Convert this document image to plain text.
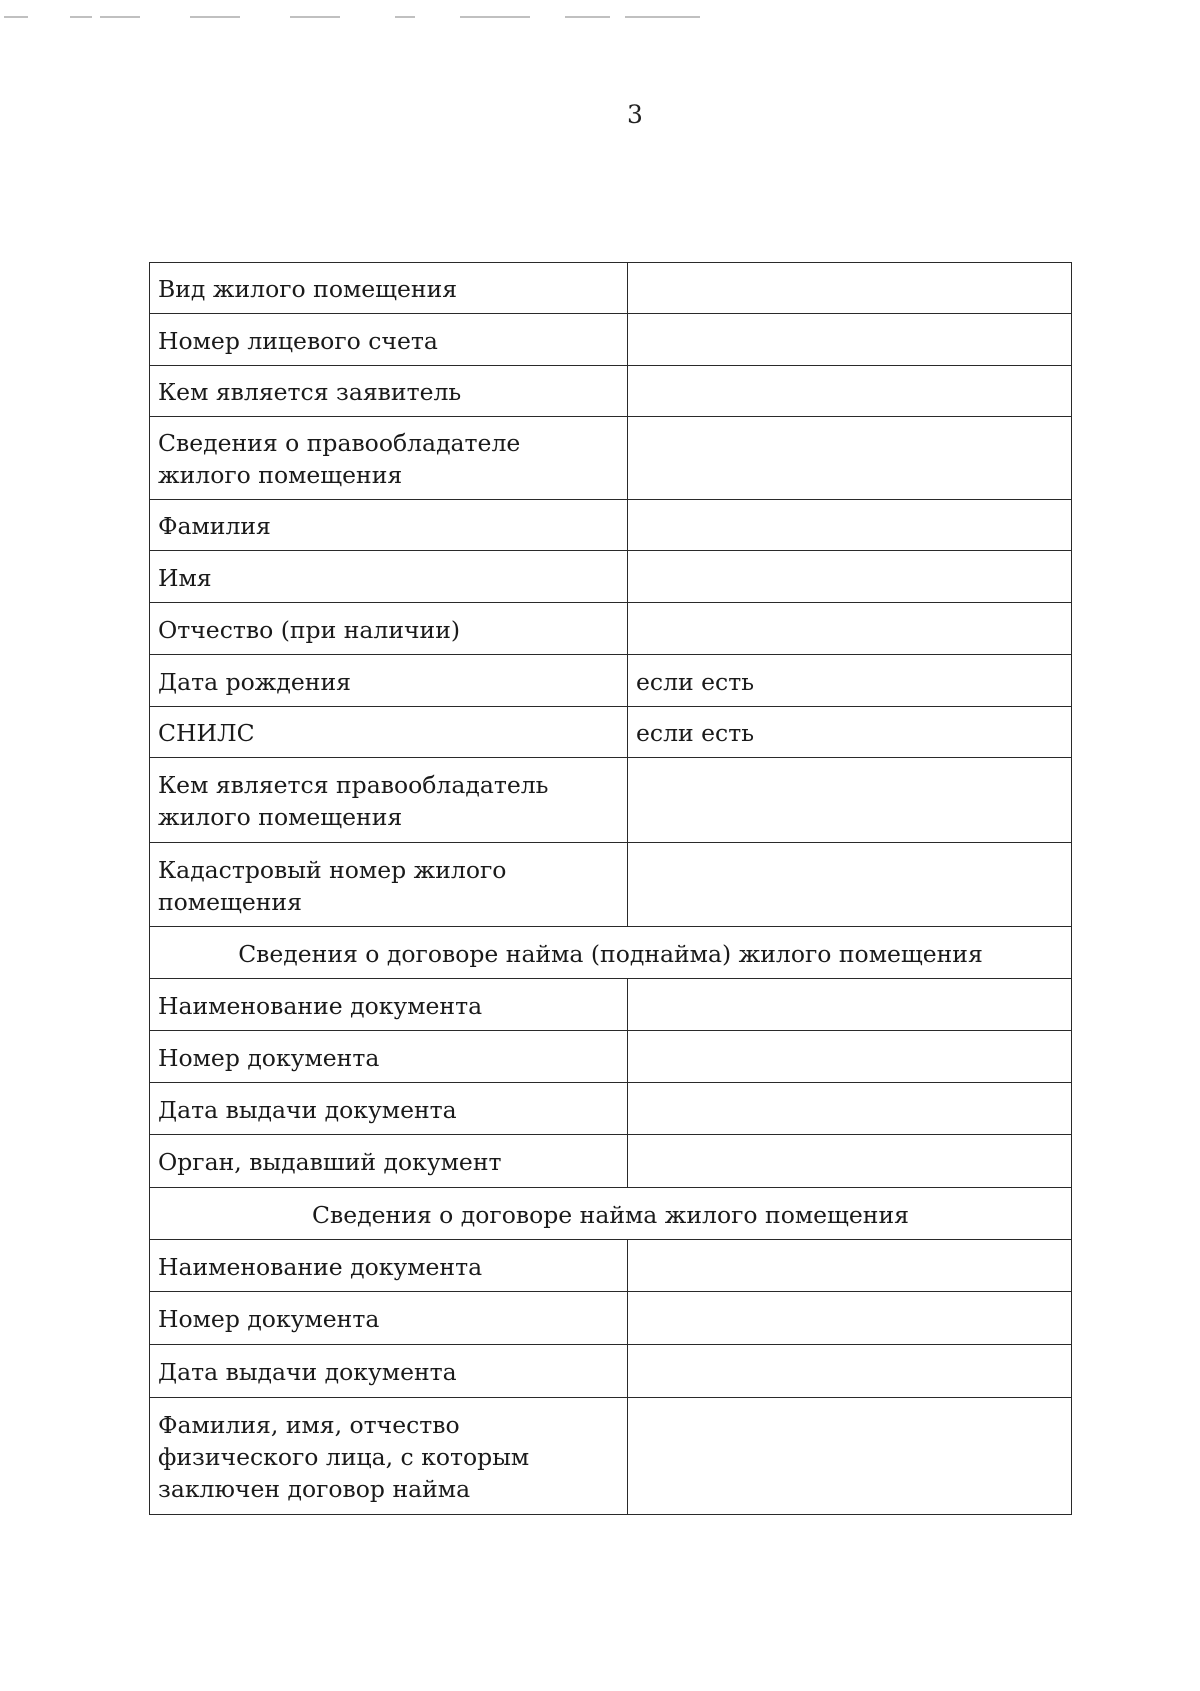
3
Вид жилого помещения	
Номер лицевого счета	
Кем является заявитель	
Сведения о правообладателе жилого помещения	
Фамилия	
Имя	
Отчество (при наличии)	
Дата рождения	если есть
СНИЛС	если есть
Кем является правообладатель жилого помещения	
Кадастровый номер жилого помещения	
Сведения о договоре найма (поднайма) жилого помещения	
Наименование документа	
Номер документа	
Дата выдачи документа	
Орган, выдавший документ	
Сведения о договоре найма жилого помещения	
Наименование документа	
Номер документа	
Дата выдачи документа	
Фамилия, имя, отчество физического лица, с которым заключен договор найма	
